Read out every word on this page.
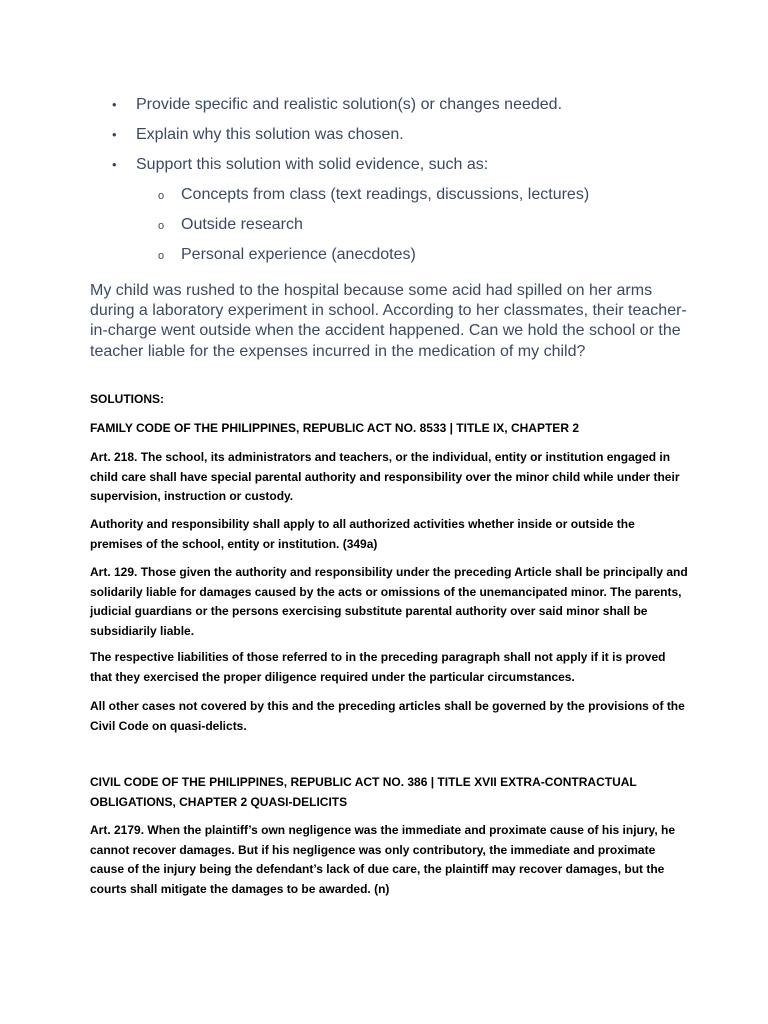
• Provide specific and realistic solution(s) or changes needed.
• Explain why this solution was chosen.
• Support this solution with solid evidence, such as:
o Concepts from class (text readings, discussions, lectures)
o Outside research
o Personal experience (anecdotes)

My child was rushed to the hospital because some acid had spilled on her arms during a laboratory experiment in school. According to her classmates, their teacher-in-charge went outside when the accident happened. Can we hold the school or the teacher liable for the expenses incurred in the medication of my child?

SOLUTIONS:

FAMILY CODE OF THE PHILIPPINES, REPUBLIC ACT NO. 8533 | TITLE IX, CHAPTER 2

Art. 218. The school, its administrators and teachers, or the individual, entity or institution engaged in child care shall have special parental authority and responsibility over the minor child while under their supervision, instruction or custody.

Authority and responsibility shall apply to all authorized activities whether inside or outside the premises of the school, entity or institution. (349a)

Art. 129. Those given the authority and responsibility under the preceding Article shall be principally and solidarily liable for damages caused by the acts or omissions of the unemancipated minor. The parents, judicial guardians or the persons exercising substitute parental authority over said minor shall be subsidiarily liable.

The respective liabilities of those referred to in the preceding paragraph shall not apply if it is proved that they exercised the proper diligence required under the particular circumstances.

All other cases not covered by this and the preceding articles shall be governed by the provisions of the Civil Code on quasi-delicts.

CIVIL CODE OF THE PHILIPPINES, REPUBLIC ACT NO. 386 | TITLE XVII EXTRA-CONTRACTUAL OBLIGATIONS, CHAPTER 2 QUASI-DELICITS

Art. 2179. When the plaintiff’s own negligence was the immediate and proximate cause of his injury, he cannot recover damages. But if his negligence was only contributory, the immediate and proximate cause of the injury being the defendant’s lack of due care, the plaintiff may recover damages, but the courts shall mitigate the damages to be awarded. (n)
